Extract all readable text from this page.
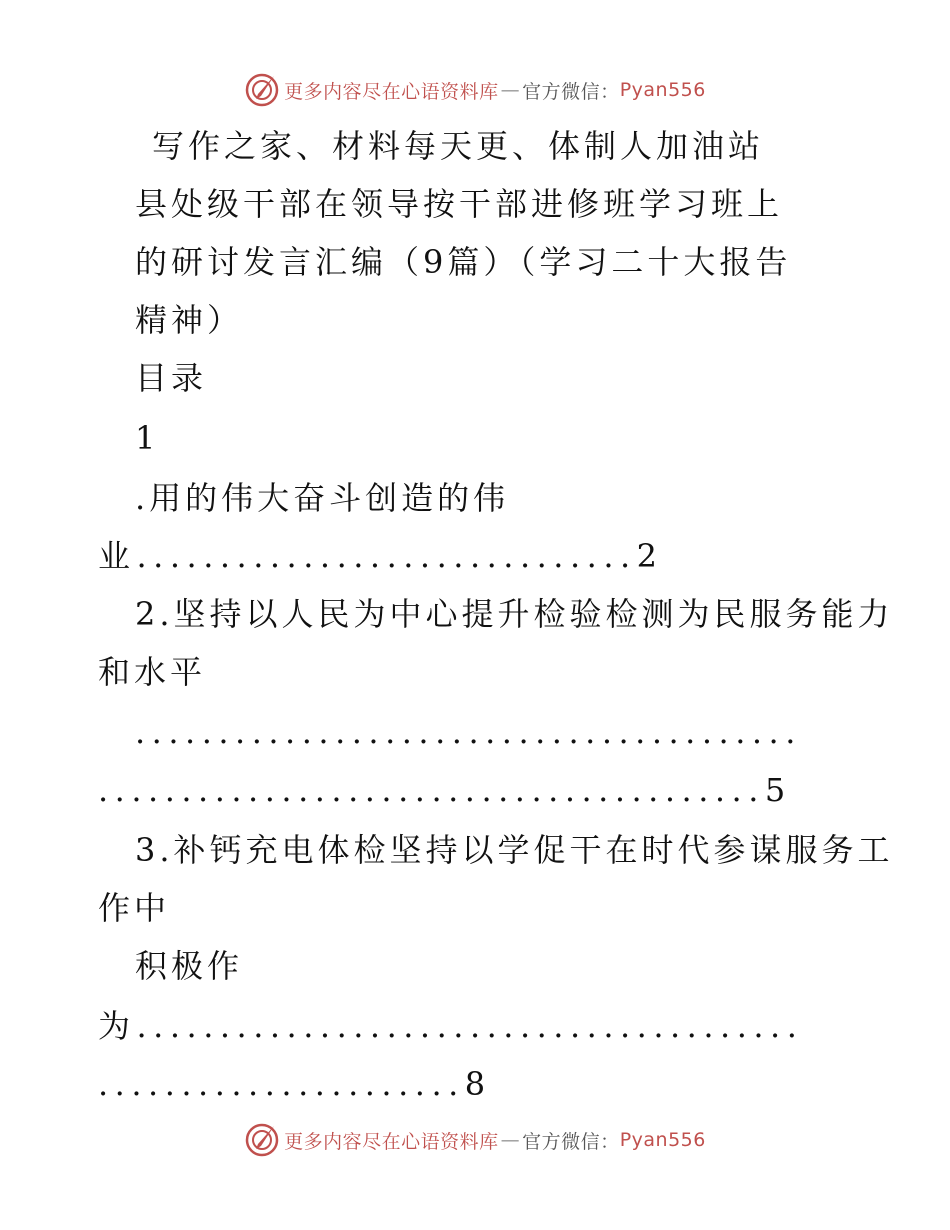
更多内容尽在心语资料库 — 官方微信： Pyan556
写作之家、材料每天更、体制人加油站
县处级干部在领导按干部进修班学习班上
的研讨发言汇编（9篇）（学习二十大报告
精神）
目录
1
.用的伟大奋斗创造的伟
业..............................2
2.坚持以人民为中心提升检验检测为民服务能力
和水平
........................................
........................................5
3.补钙充电体检坚持以学促干在时代参谋服务工
作中
积极作
为........................................
......................8
更多内容尽在心语资料库 — 官方微信： Pyan556
